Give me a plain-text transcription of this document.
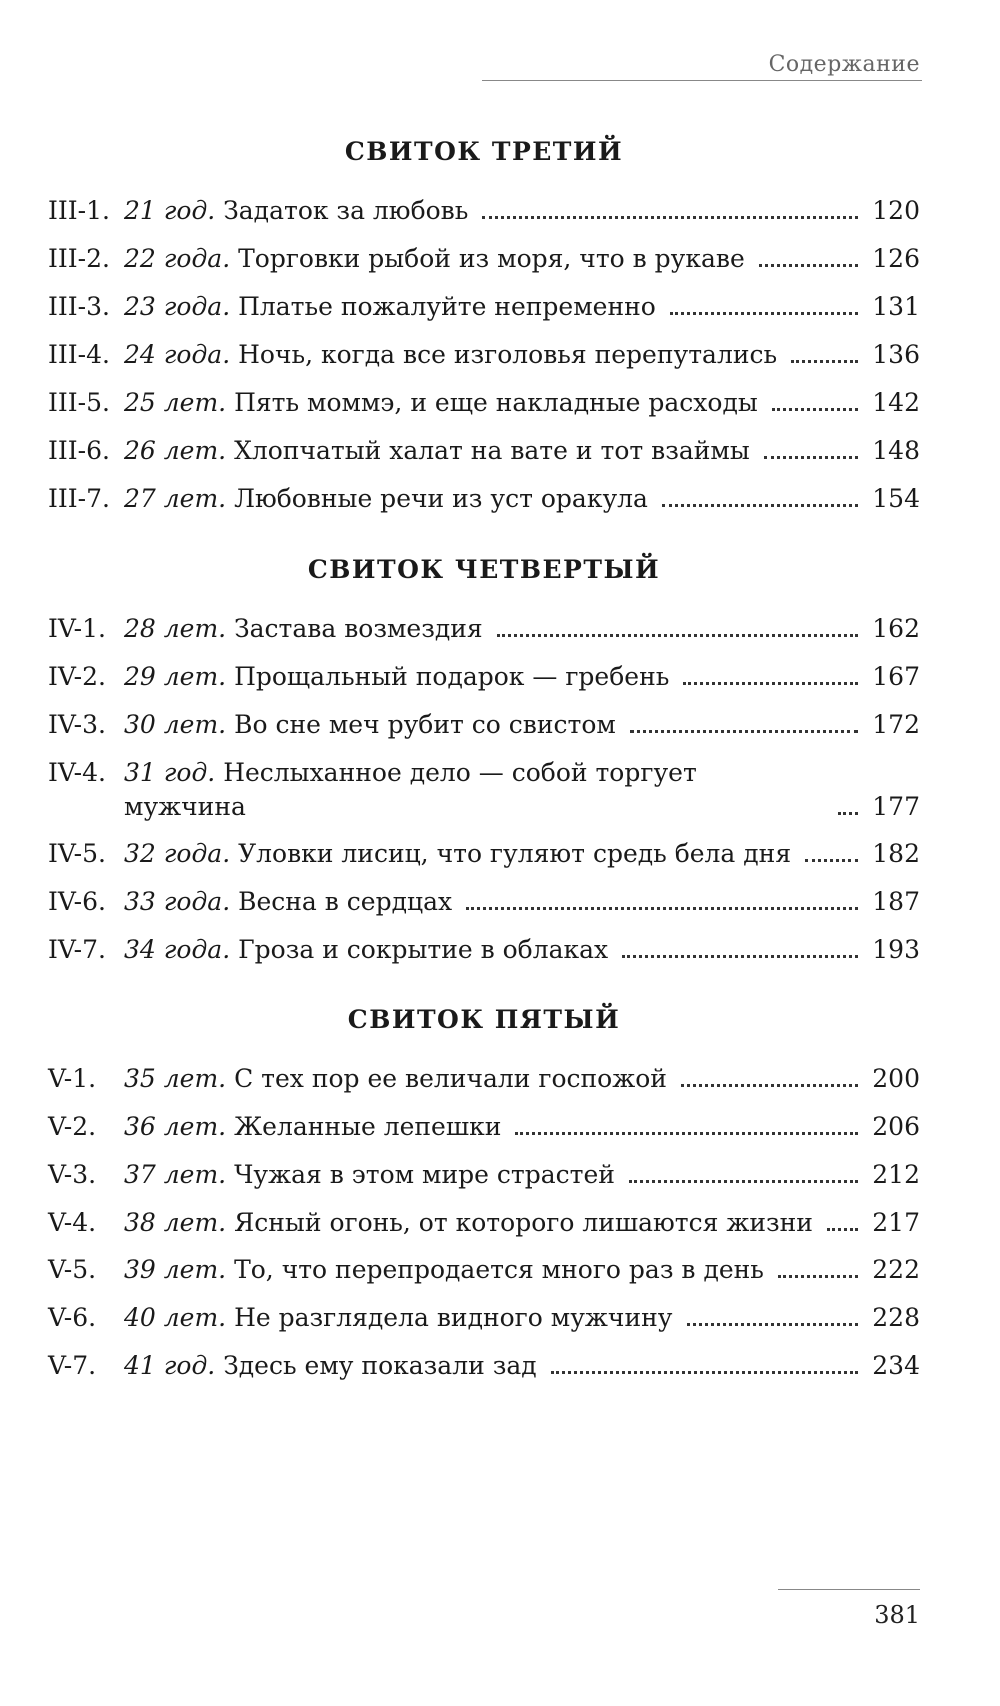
Содержание
СВИТОК ТРЕТИЙ
III-1. 21 год. Задаток за любовь	120
III-2. 22 года. Торговки рыбой из моря, что в рукаве	126
III-3. 23 года. Платье пожалуйте непременно	131
III-4. 24 года. Ночь, когда все изголовья перепутались	136
III-5. 25 лет. Пять моммэ, и еще накладные расходы	142
III-6. 26 лет. Хлопчатый халат на вате и тот взаймы	148
III-7. 27 лет. Любовные речи из уст оракула	154
СВИТОК ЧЕТВЕРТЫЙ
IV-1. 28 лет. Застава возмездия	162
IV-2. 29 лет. Прощальный подарок — гребень	167
IV-3. 30 лет. Во сне меч рубит со свистом	172
IV-4. 31 год. Неслыханное дело — собой торгует мужчина	177
IV-5. 32 года. Уловки лисиц, что гуляют средь бела дня	182
IV-6. 33 года. Весна в сердцах	187
IV-7. 34 года. Гроза и сокрытие в облаках	193
СВИТОК ПЯТЫЙ
V-1.	35 лет. С тех пор ее величали госпожой	200
V-2.	36 лет. Желанные лепешки	206
V-3.	37 лет. Чужая в этом мире страстей	212
V-4.	38 лет. Ясный огонь, от которого лишаются жизни 217
V-5.	39 лет. То, что перепродается много раз в день	222
V-6.	40 лет. Не разглядела видного мужчину	228
V-7.	41 год. Здесь ему показали зад	234
381
